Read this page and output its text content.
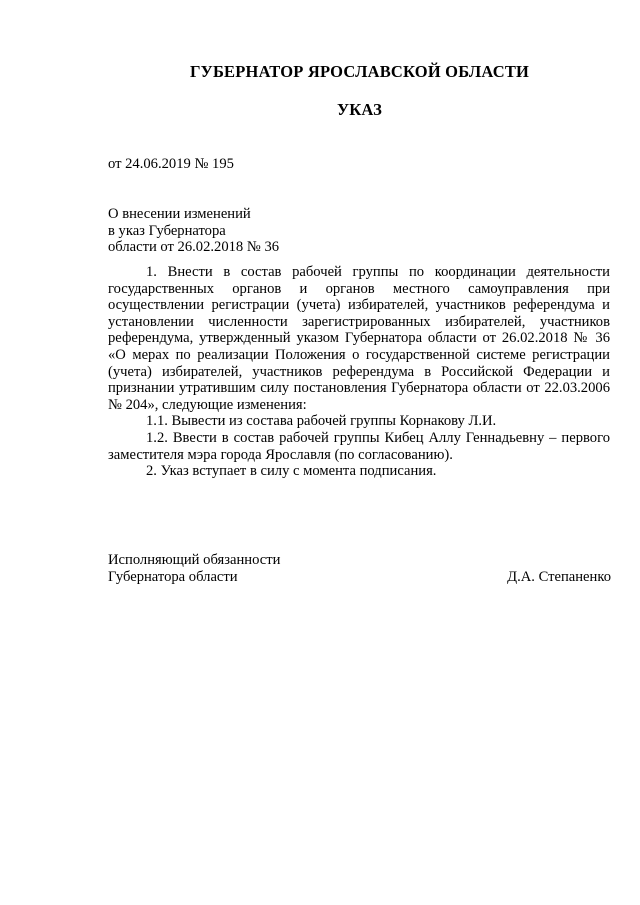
ГУБЕРНАТОР ЯРОСЛАВСКОЙ ОБЛАСТИ
УКАЗ
от 24.06.2019 № 195
О внесении изменений
в указ Губернатора
области от 26.02.2018 № 36

1. Внести в состав рабочей группы по координации деятельности государственных органов и органов местного самоуправления при осуществлении регистрации (учета) избирателей, участников референдума и установлении численности зарегистрированных избирателей, участников референдума, утвержденный указом Губернатора области от 26.02.2018 № 36 «О мерах по реализации Положения о государственной системе регистрации (учета) избирателей, участников референдума в Российской Федерации и признании утратившим силу постановления Губернатора области от 22.03.2006 № 204», следующие изменения:

1.1. Вывести из состава рабочей группы Корнакову Л.И.

1.2. Ввести в состав рабочей группы Кибец Аллу Геннадьевну – первого заместителя мэра города Ярославля (по согласованию).

2. Указ вступает в силу с момента подписания.

Исполняющий обязанности
Губернатора области	Д.А. Степаненко
